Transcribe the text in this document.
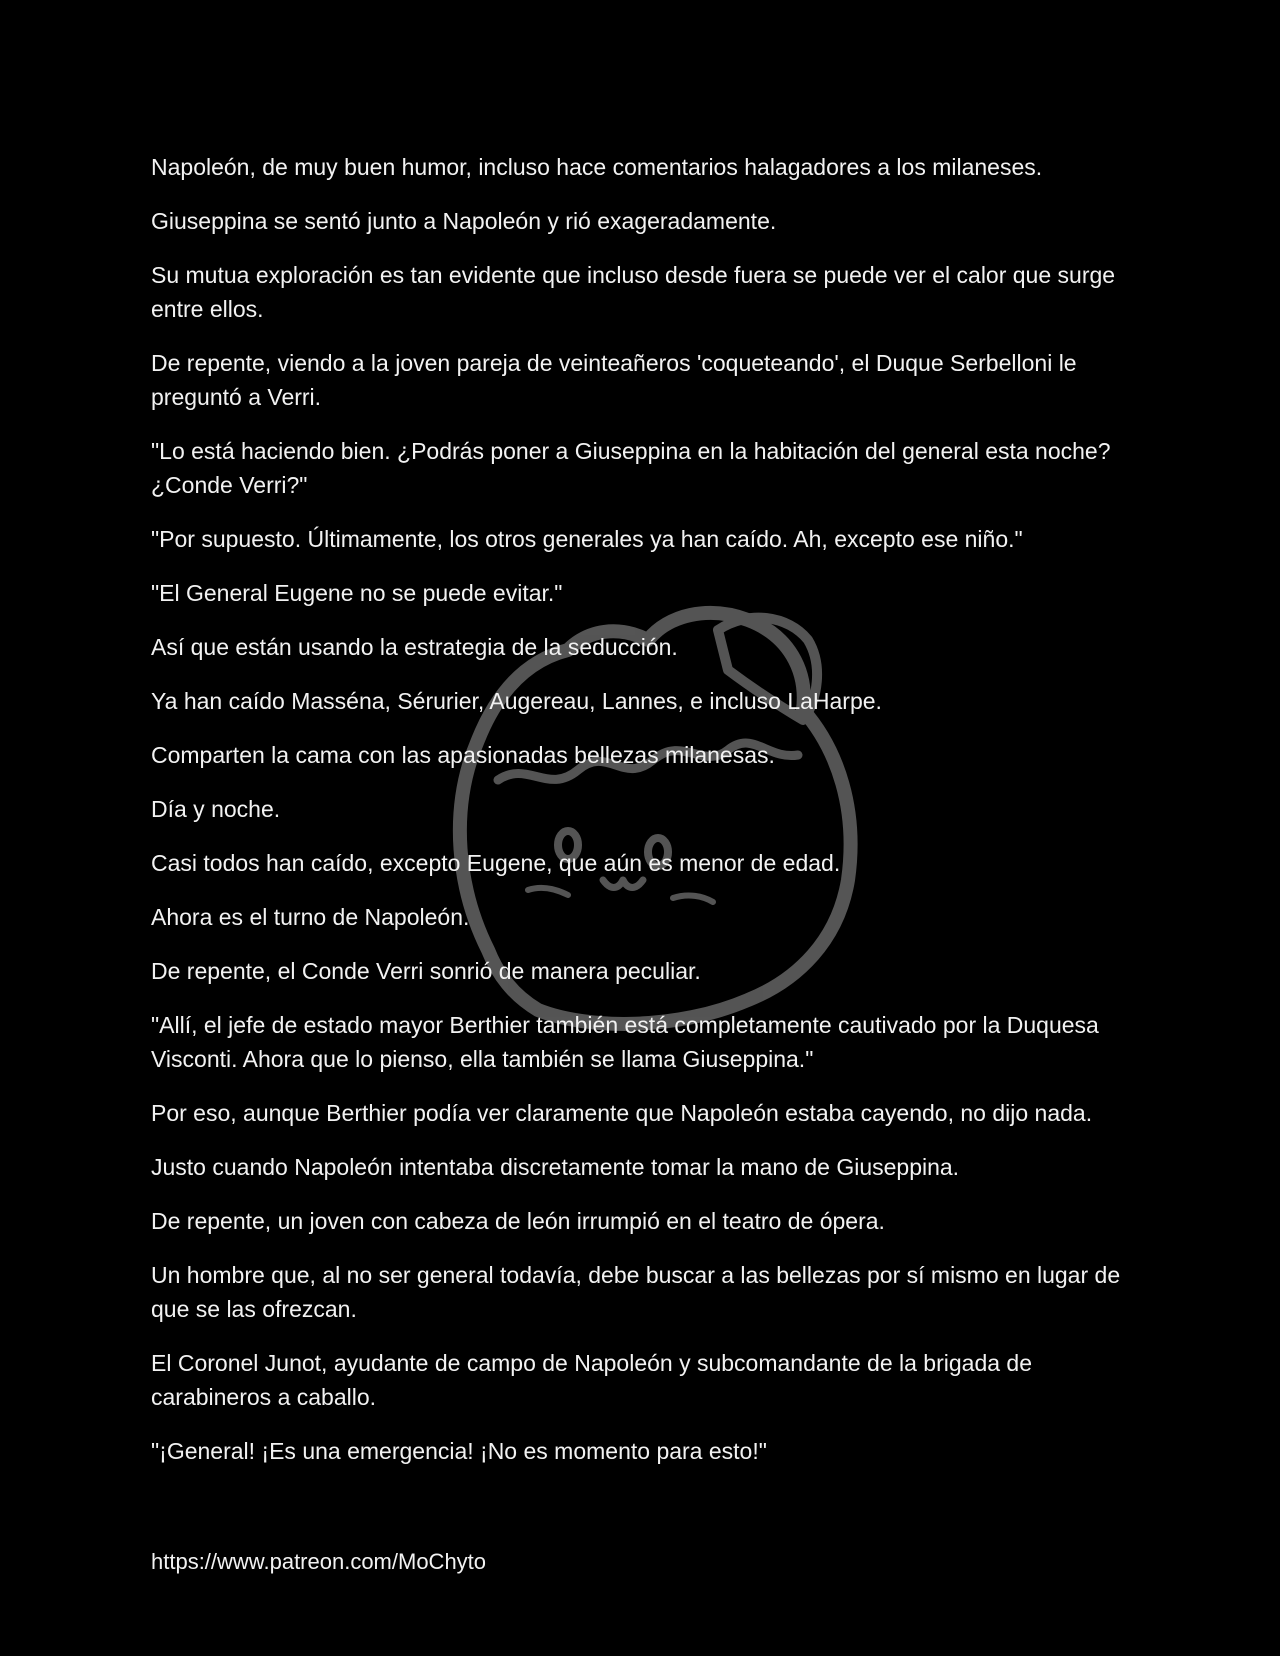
Napoleón, de muy buen humor, incluso hace comentarios halagadores a los milaneses.

Giuseppina se sentó junto a Napoleón y rió exageradamente.

Su mutua exploración es tan evidente que incluso desde fuera se puede ver el calor que surge entre ellos.

De repente, viendo a la joven pareja de veinteañeros 'coqueteando', el Duque Serbelloni le preguntó a Verri.

"Lo está haciendo bien. ¿Podrás poner a Giuseppina en la habitación del general esta noche? ¿Conde Verri?"

"Por supuesto. Últimamente, los otros generales ya han caído. Ah, excepto ese niño."

"El General Eugene no se puede evitar."

Así que están usando la estrategia de la seducción.

Ya han caído Masséna, Sérurier, Augereau, Lannes, e incluso LaHarpe.

Comparten la cama con las apasionadas bellezas milanesas.

Día y noche.

Casi todos han caído, excepto Eugene, que aún es menor de edad.

Ahora es el turno de Napoleón.

De repente, el Conde Verri sonrió de manera peculiar.

"Allí, el jefe de estado mayor Berthier también está completamente cautivado por la Duquesa Visconti. Ahora que lo pienso, ella también se llama Giuseppina."

Por eso, aunque Berthier podía ver claramente que Napoleón estaba cayendo, no dijo nada.

Justo cuando Napoleón intentaba discretamente tomar la mano de Giuseppina.

De repente, un joven con cabeza de león irrumpió en el teatro de ópera.

Un hombre que, al no ser general todavía, debe buscar a las bellezas por sí mismo en lugar de que se las ofrezcan.

El Coronel Junot, ayudante de campo de Napoleón y subcomandante de la brigada de carabineros a caballo.

"¡General! ¡Es una emergencia! ¡No es momento para esto!"

https://www.patreon.com/MoChyto
